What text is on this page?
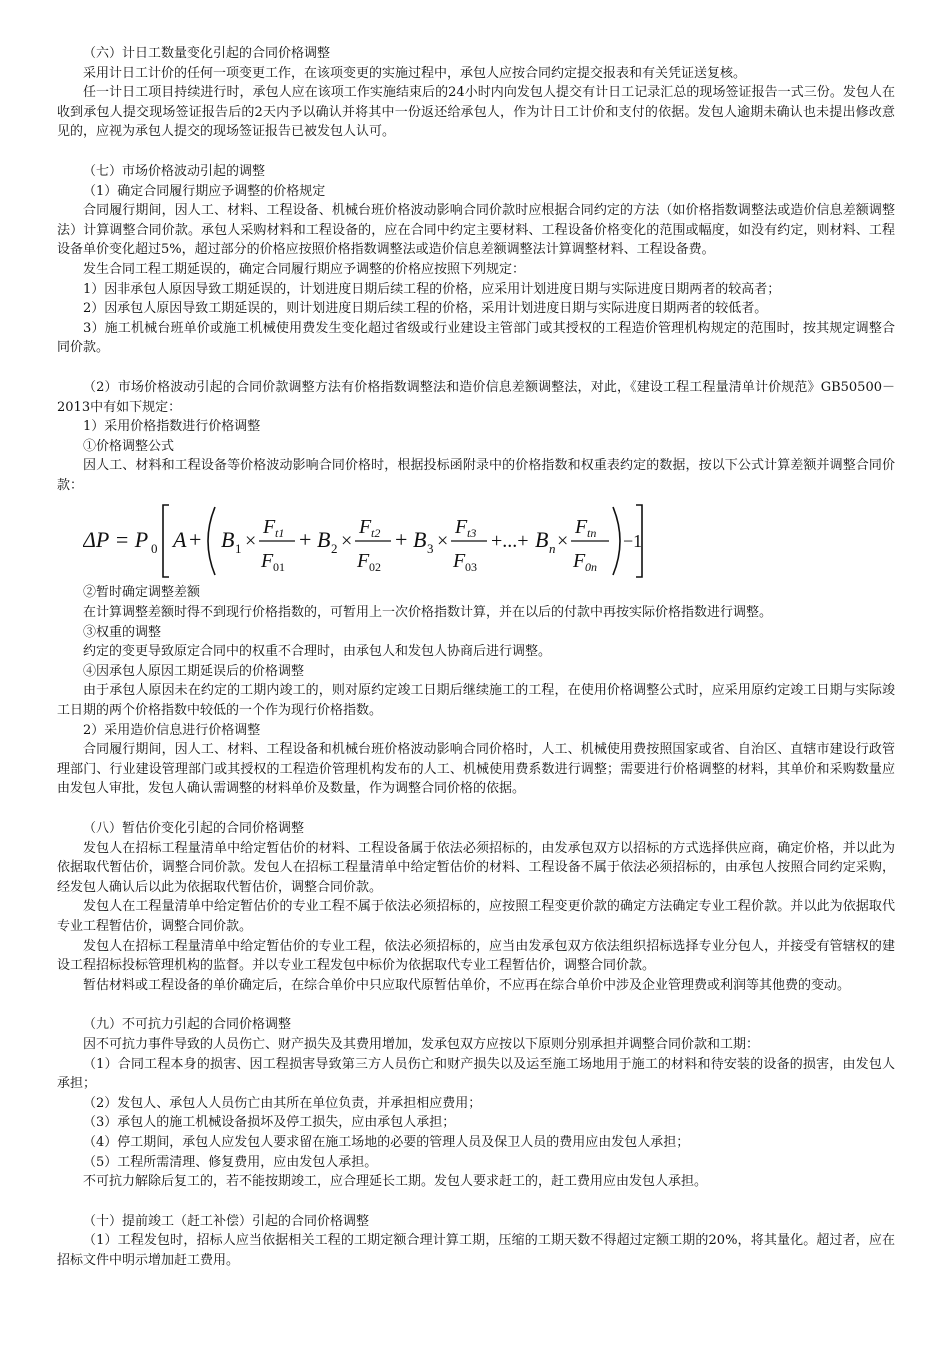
（六）计日工数量变化引起的合同价格调整

采用计日工计价的任何一项变更工作，在该项变更的实施过程中，承包人应按合同约定提交报表和有关凭证送复核。

任一计日工项目持续进行时，承包人应在该项工作实施结束后的24小时内向发包人提交有计日工记录汇总的现场签证报告一式三份。发包人在收到承包人提交现场签证报告后的2天内予以确认并将其中一份返还给承包人，作为计日工计价和支付的依据。发包人逾期未确认也未提出修改意见的，应视为承包人提交的现场签证报告已被发包人认可。

（七）市场价格波动引起的调整

（1）确定合同履行期应予调整的价格规定

合同履行期间，因人工、材料、工程设备、机械台班价格波动影响合同价款时应根据合同约定的方法（如价格指数调整法或造价信息差额调整法）计算调整合同价款。承包人采购材料和工程设备的，应在合同中约定主要材料、工程设备价格变化的范围或幅度，如没有约定，则材料、工程设备单价变化超过5%，超过部分的价格应按照价格指数调整法或造价信息差额调整法计算调整材料、工程设备费。

发生合同工程工期延误的，确定合同履行期应予调整的价格应按照下列规定：

1）因非承包人原因导致工期延误的，计划进度日期后续工程的价格，应采用计划进度日期与实际进度日期两者的较高者；

2）因承包人原因导致工期延误的，则计划进度日期后续工程的价格，采用计划进度日期与实际进度日期两者的较低者。

3）施工机械台班单价或施工机械使用费发生变化超过省级或行业建设主管部门或其授权的工程造价管理机构规定的范围时，按其规定调整合同价款。

（2）市场价格波动引起的合同价款调整方法有价格指数调整法和造价信息差额调整法，对此，《建设工程工程量清单计价规范》GB50500－2013中有如下规定：

1）采用价格指数进行价格调整

①价格调整公式

因人工、材料和工程设备等价格波动影响合同价格时，根据投标函附录中的价格指数和权重表约定的数据，按以下公式计算差额并调整合同价款：

ΔP = P 0 A + B 1 ×
F t1
F 01
+ B 2 ×
F t2
F 02
+ B 3 ×
F t3
F 03
+...+ B n ×
F tn
F 0n
−1

②暂时确定调整差额

在计算调整差额时得不到现行价格指数的，可暂用上一次价格指数计算，并在以后的付款中再按实际价格指数进行调整。

③权重的调整

约定的变更导致原定合同中的权重不合理时，由承包人和发包人协商后进行调整。

④因承包人原因工期延误后的价格调整

由于承包人原因未在约定的工期内竣工的，则对原约定竣工日期后继续施工的工程，在使用价格调整公式时，应采用原约定竣工日期与实际竣工日期的两个价格指数中较低的一个作为现行价格指数。

2）采用造价信息进行价格调整

合同履行期间，因人工、材料、工程设备和机械台班价格波动影响合同价格时，人工、机械使用费按照国家或省、自治区、直辖市建设行政管理部门、行业建设管理部门或其授权的工程造价管理机构发布的人工、机械使用费系数进行调整；需要进行价格调整的材料，其单价和采购数量应由发包人审批，发包人确认需调整的材料单价及数量，作为调整合同价格的依据。

（八）暂估价变化引起的合同价格调整

发包人在招标工程量清单中给定暂估价的材料、工程设备属于依法必须招标的，由发承包双方以招标的方式选择供应商，确定价格，并以此为依据取代暂估价，调整合同价款。发包人在招标工程量清单中给定暂估价的材料、工程设备不属于依法必须招标的，由承包人按照合同约定采购，经发包人确认后以此为依据取代暂估价，调整合同价款。

发包人在工程量清单中给定暂估价的专业工程不属于依法必须招标的，应按照工程变更价款的确定方法确定专业工程价款。并以此为依据取代专业工程暂估价，调整合同价款。

发包人在招标工程量清单中给定暂估价的专业工程，依法必须招标的，应当由发承包双方依法组织招标选择专业分包人，并接受有管辖权的建设工程招标投标管理机构的监督。并以专业工程发包中标价为依据取代专业工程暂估价，调整合同价款。

暂估材料或工程设备的单价确定后，在综合单价中只应取代原暂估单价，不应再在综合单价中涉及企业管理费或利润等其他费的变动。

（九）不可抗力引起的合同价格调整

因不可抗力事件导致的人员伤亡、财产损失及其费用增加，发承包双方应按以下原则分别承担并调整合同价款和工期：

（1）合同工程本身的损害、因工程损害导致第三方人员伤亡和财产损失以及运至施工场地用于施工的材料和待安装的设备的损害，由发包人承担；

（2）发包人、承包人人员伤亡由其所在单位负责，并承担相应费用；

（3）承包人的施工机械设备损坏及停工损失，应由承包人承担；

（4）停工期间，承包人应发包人要求留在施工场地的必要的管理人员及保卫人员的费用应由发包人承担；

（5）工程所需清理、修复费用，应由发包人承担。

不可抗力解除后复工的，若不能按期竣工，应合理延长工期。发包人要求赶工的，赶工费用应由发包人承担。

（十）提前竣工（赶工补偿）引起的合同价格调整

（1）工程发包时，招标人应当依据相关工程的工期定额合理计算工期，压缩的工期天数不得超过定额工期的20%，将其量化。超过者，应在招标文件中明示增加赶工费用。
